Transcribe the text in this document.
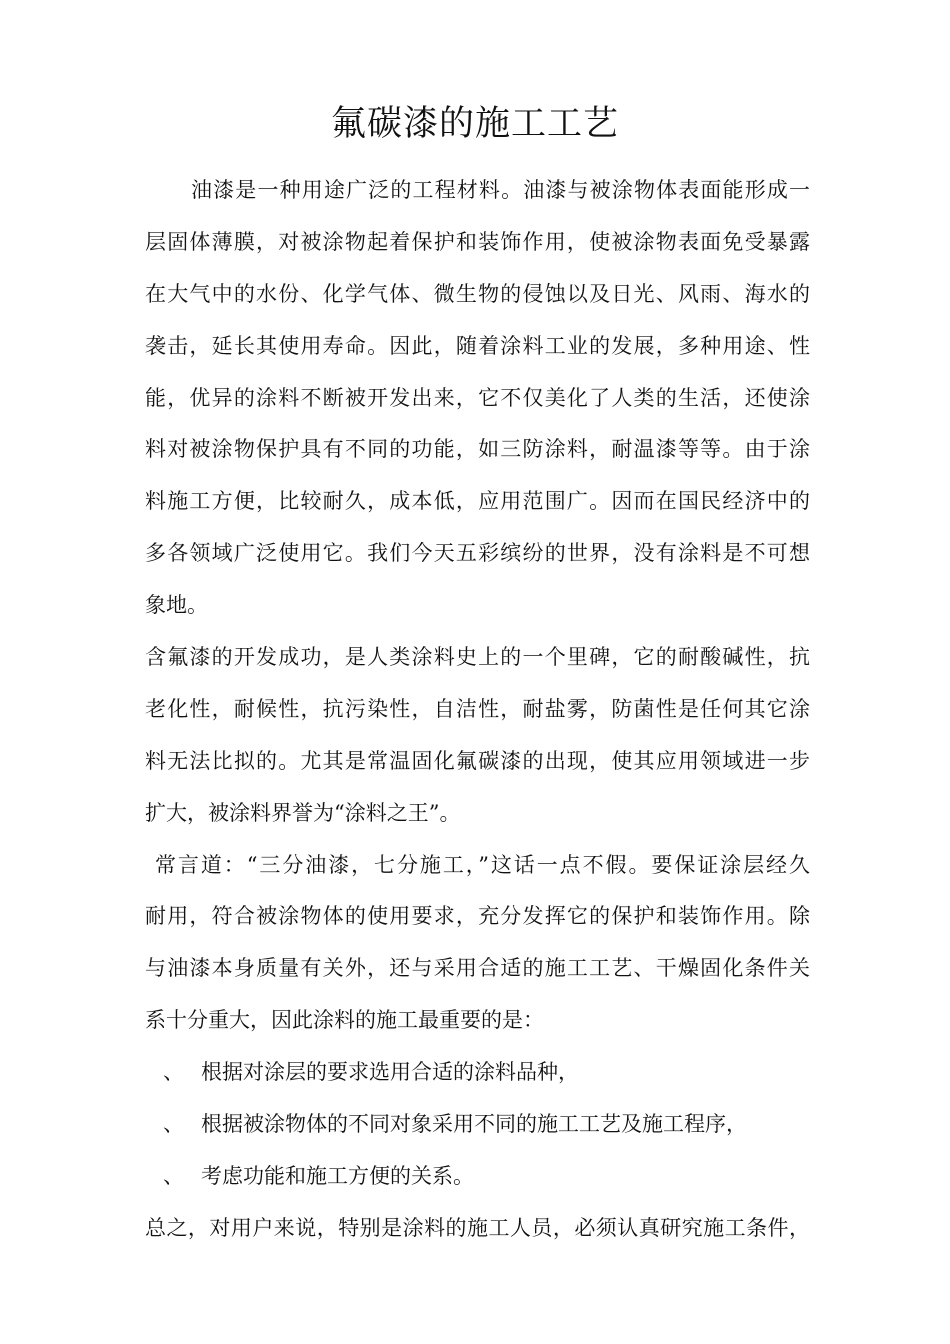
氟碳漆的施工工艺
油漆是一种用途广泛的工程材料。油漆与被涂物体表面能形成一
层固体薄膜，对被涂物起着保护和装饰作用，使被涂物表面免受暴露
在大气中的水份、化学气体、微生物的侵蚀以及日光、风雨、海水的
袭击，延长其使用寿命。因此，随着涂料工业的发展，多种用途、性
能，优异的涂料不断被开发出来，它不仅美化了人类的生活，还使涂
料对被涂物保护具有不同的功能，如三防涂料，耐温漆等等。由于涂
料施工方便，比较耐久，成本低，应用范围广。因而在国民经济中的
多各领域广泛使用它。我们今天五彩缤纷的世界，没有涂料是不可想
象地。
含氟漆的开发成功，是人类涂料史上的一个里碑，它的耐酸碱性，抗
老化性，耐候性，抗污染性，自洁性，耐盐雾，防菌性是任何其它涂
料无法比拟的。尤其是常温固化氟碳漆的出现，使其应用领域进一步
扩大，被涂料界誉为“涂料之王”。
常言道：“三分油漆，七分施工，”这话一点不假。要保证涂层经久
耐用，符合被涂物体的使用要求，充分发挥它的保护和装饰作用。除
与油漆本身质量有关外，还与采用合适的施工工艺、干燥固化条件关
系十分重大，因此涂料的施工最重要的是：
、 根据对涂层的要求选用合适的涂料品种，
、 根据被涂物体的不同对象采用不同的施工工艺及施工程序，
、 考虑功能和施工方便的关系。
总之，对用户来说，特别是涂料的施工人员，必须认真研究施工条件，
